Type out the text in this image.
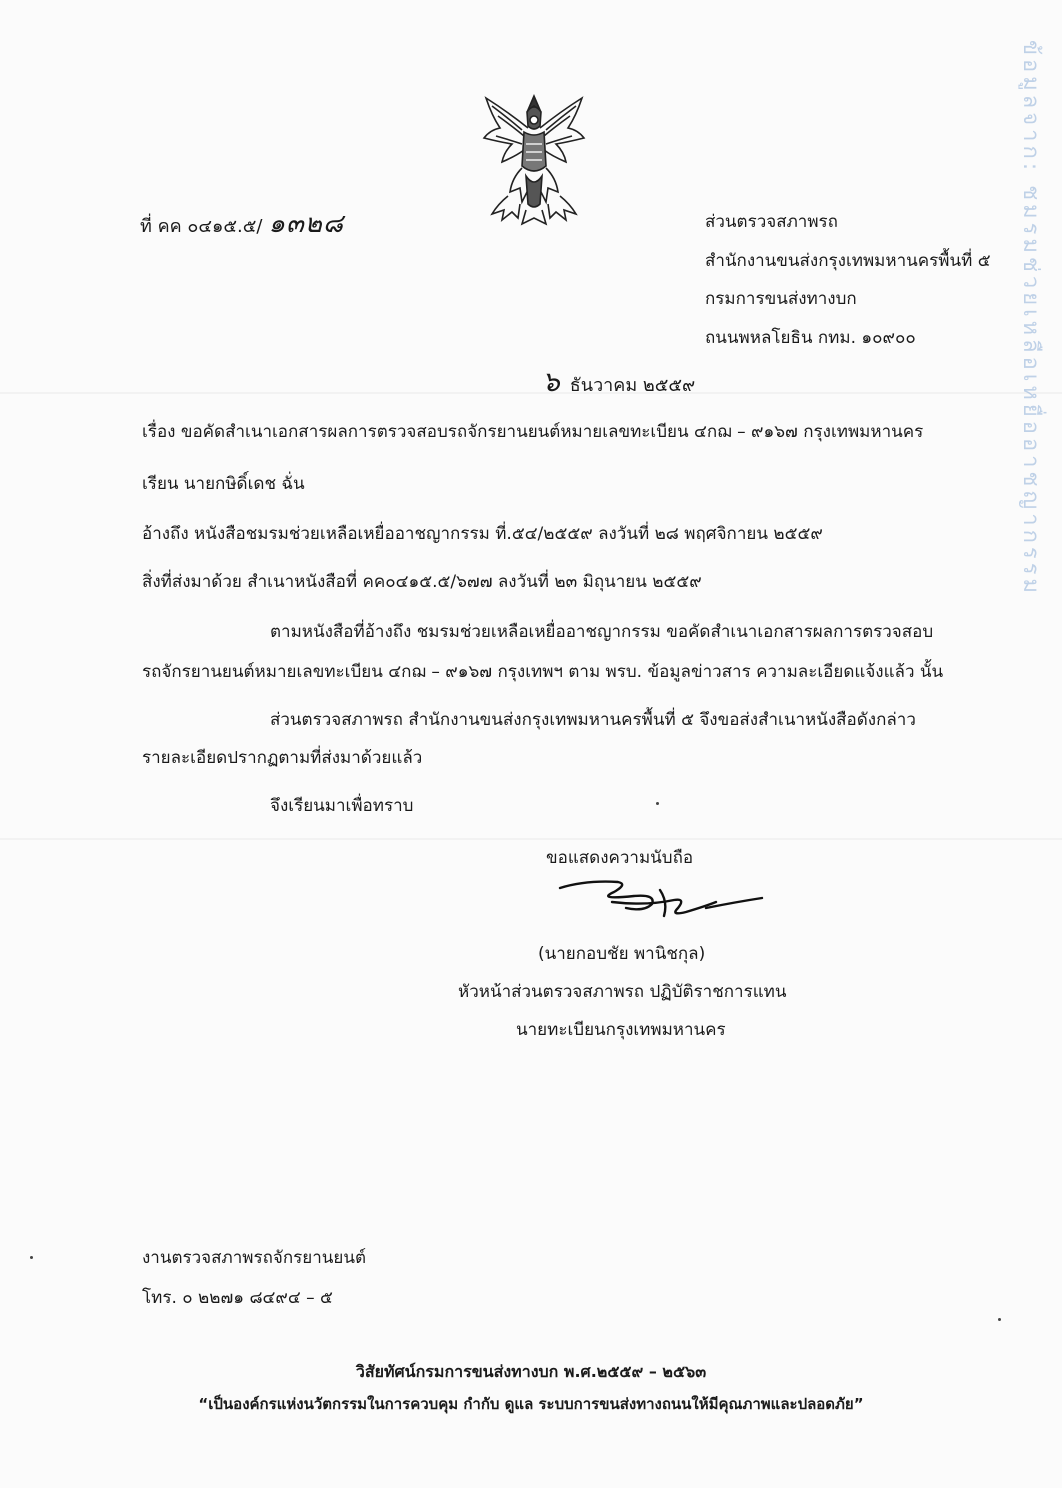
ข้อมูลจาก: ชมรมช่วยเหลือเหยื่ออาชญากรรม
ที่ คค ๐๔๑๕.๕/ ๑๓๒๘	ส่วนตรวจสภาพรถ
สำนักงานขนส่งกรุงเทพมหานครพื้นที่ ๕
กรมการขนส่งทางบก
ถนนพหลโยธิน กทม. ๑๐๙๐๐
๖ ธันวาคม ๒๕๕๙
เรื่อง ขอคัดสำเนาเอกสารผลการตรวจสอบรถจักรยานยนต์หมายเลขทะเบียน ๔กฌ – ๙๑๖๗ กรุงเทพมหานคร
เรียน นายกษิดิ์เดช ฉั่น
อ้างถึง หนังสือชมรมช่วยเหลือเหยื่ออาชญากรรม ที่.๕๔/๒๕๕๙ ลงวันที่ ๒๘ พฤศจิกายน ๒๕๕๙
สิ่งที่ส่งมาด้วย สำเนาหนังสือที่ คค๐๔๑๕.๕/๖๗๗ ลงวันที่ ๒๓ มิถุนายน ๒๕๕๙
ตามหนังสือที่อ้างถึง ชมรมช่วยเหลือเหยื่ออาชญากรรม ขอคัดสำเนาเอกสารผลการตรวจสอบ
รถจักรยานยนต์หมายเลขทะเบียน ๔กฌ – ๙๑๖๗ กรุงเทพฯ ตาม พรบ. ข้อมูลข่าวสาร ความละเอียดแจ้งแล้ว นั้น
ส่วนตรวจสภาพรถ สำนักงานขนส่งกรุงเทพมหานครพื้นที่ ๕ จึงขอส่งสำเนาหนังสือดังกล่าว
รายละเอียดปรากฏตามที่ส่งมาด้วยแล้ว
จึงเรียนมาเพื่อทราบ
ขอแสดงความนับถือ
(นายกอบชัย พานิชกุล)
หัวหน้าส่วนตรวจสภาพรถ ปฏิบัติราชการแทน
นายทะเบียนกรุงเทพมหานคร
งานตรวจสภาพรถจักรยานยนต์
โทร. ๐ ๒๒๗๑ ๘๔๙๔ – ๕
วิสัยทัศน์กรมการขนส่งทางบก พ.ศ.๒๕๕๙ – ๒๕๖๓
“เป็นองค์กรแห่งนวัตกรรมในการควบคุม กำกับ ดูแล ระบบการขนส่งทางถนนให้มีคุณภาพและปลอดภัย”
